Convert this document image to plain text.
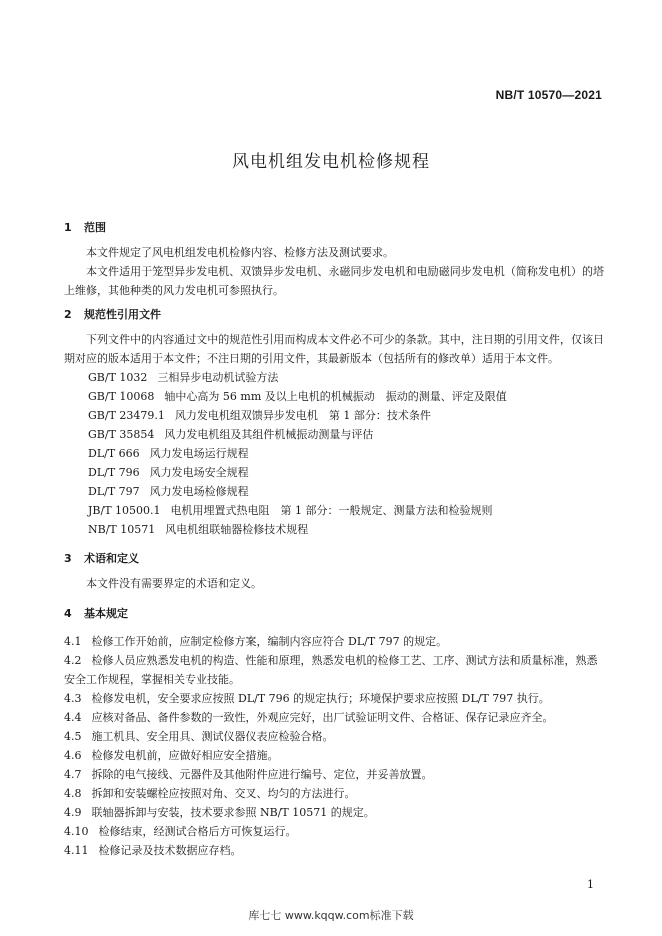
NB/T 10570—2021
风电机组发电机检修规程
1 范围

本文件规定了风电机组发电机检修内容、检修方法及测试要求。

本文件适用于笼型异步发电机、双馈异步发电机、永磁同步发电机和电励磁同步发电机（简称发电机）的塔上维修，其他种类的风力发电机可参照执行。

2 规范性引用文件

下列文件中的内容通过文中的规范性引用而构成本文件必不可少的条款。其中，注日期的引用文件，仅该日期对应的版本适用于本文件；不注日期的引用文件，其最新版本（包括所有的修改单）适用于本文件。

GB/T 1032 三相异步电动机试验方法

GB/T 10068 轴中心高为 56 mm 及以上电机的机械振动　振动的测量、评定及限值

GB/T 23479.1 风力发电机组双馈异步发电机　第 1 部分：技术条件

GB/T 35854 风力发电机组及其组件机械振动测量与评估

DL/T 666 风力发电场运行规程

DL/T 796 风力发电场安全规程

DL/T 797 风力发电场检修规程

JB/T 10500.1 电机用埋置式热电阻　第 1 部分：一般规定、测量方法和检验规则

NB/T 10571 风电机组联轴器检修技术规程

3 术语和定义

本文件没有需要界定的术语和定义。

4 基本规定

4.1 检修工作开始前，应制定检修方案，编制内容应符合 DL/T 797 的规定。

4.2 检修人员应熟悉发电机的构造、性能和原理，熟悉发电机的检修工艺、工序、测试方法和质量标准，熟悉安全工作规程，掌握相关专业技能。

4.3 检修发电机，安全要求应按照 DL/T 796 的规定执行；环境保护要求应按照 DL/T 797 执行。

4.4 应核对备品、备件参数的一致性，外观应完好，出厂试验证明文件、合格证、保存记录应齐全。

4.5 施工机具、安全用具、测试仪器仪表应检验合格。

4.6 检修发电机前，应做好相应安全措施。

4.7 拆除的电气接线、元器件及其他附件应进行编号、定位，并妥善放置。

4.8 拆卸和安装螺栓应按照对角、交叉、均匀的方法进行。

4.9 联轴器拆卸与安装，技术要求参照 NB/T 10571 的规定。

4.10 检修结束，经测试合格后方可恢复运行。

4.11 检修记录及技术数据应存档。

1
库七七 www.kqqw.com标准下载
